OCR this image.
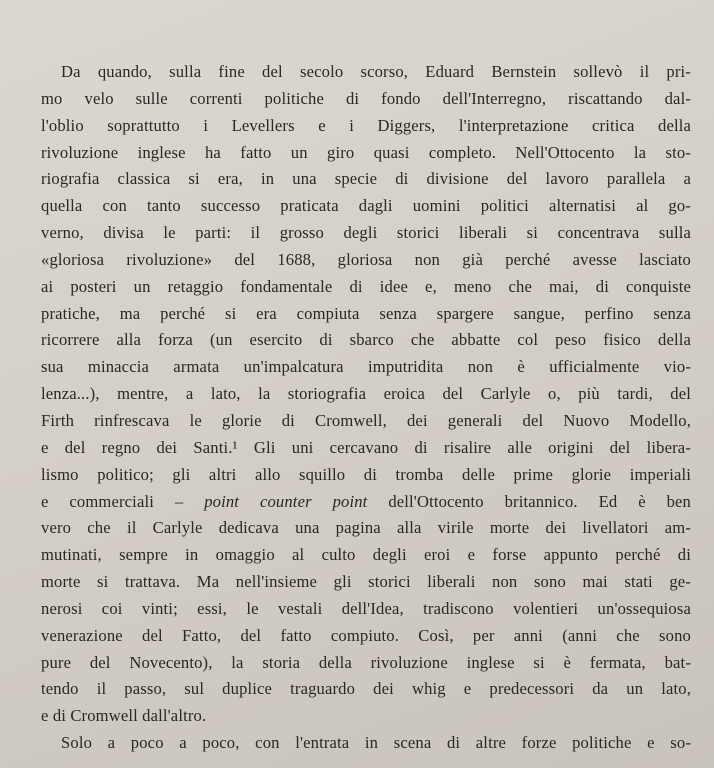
Da quando, sulla fine del secolo scorso, Eduard Bernstein sollevò il pri-
mo velo sulle correnti politiche di fondo dell'Interregno, riscattando dal-
l'oblio soprattutto i Levellers e i Diggers, l'interpretazione critica della
rivoluzione inglese ha fatto un giro quasi completo. Nell'Ottocento la sto-
riografia classica si era, in una specie di divisione del lavoro parallela a
quella con tanto successo praticata dagli uomini politici alternatisi al go-
verno, divisa le parti: il grosso degli storici liberali si concentrava sulla
«gloriosa rivoluzione» del 1688, gloriosa non già perché avesse lasciato
ai posteri un retaggio fondamentale di idee e, meno che mai, di conquiste
pratiche, ma perché si era compiuta senza spargere sangue, perfino senza
ricorrere alla forza (un esercito di sbarco che abbatte col peso fisico della
sua minaccia armata un'impalcatura imputridita non è ufficialmente vio-
lenza...), mentre, a lato, la storiografia eroica del Carlyle o, più tardi, del
Firth rinfrescava le glorie di Cromwell, dei generali del Nuovo Modello,
e del regno dei Santi.¹ Gli uni cercavano di risalire alle origini del libera-
lismo politico; gli altri allo squillo di tromba delle prime glorie imperiali
e commerciali – point counter point dell'Ottocento britannico. Ed è ben
vero che il Carlyle dedicava una pagina alla virile morte dei livellatori am-
mutinati, sempre in omaggio al culto degli eroi e forse appunto perché di
morte si trattava. Ma nell'insieme gli storici liberali non sono mai stati ge-
nerosi coi vinti; essi, le vestali dell'Idea, tradiscono volentieri un'ossequiosa
venerazione del Fatto, del fatto compiuto. Così, per anni (anni che sono
pure del Novecento), la storia della rivoluzione inglese si è fermata, bat-
tendo il passo, sul duplice traguardo dei whig e predecessori da un lato,
e di Cromwell dall'altro.
Solo a poco a poco, con l'entrata in scena di altre forze politiche e so-
